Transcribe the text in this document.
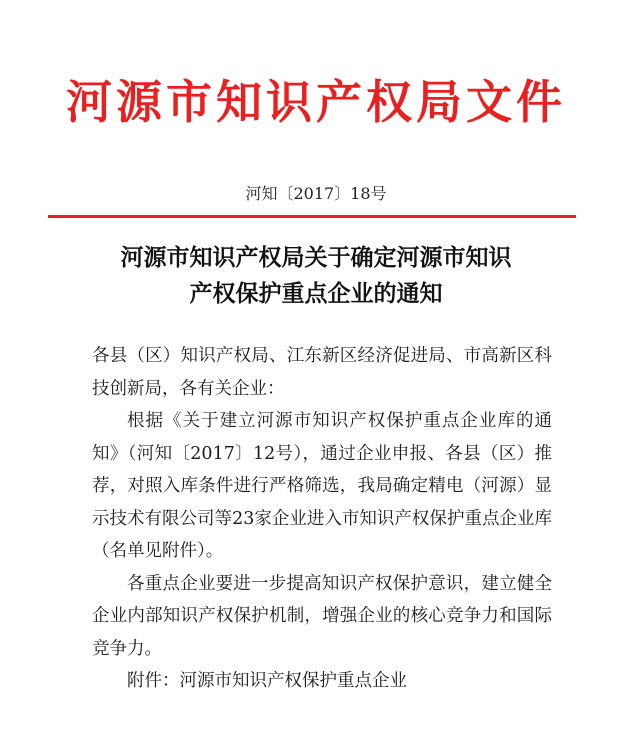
河源市知识产权局文件
河知〔2017〕18号
河源市知识产权局关于确定河源市知识
产权保护重点企业的通知

各县（区）知识产权局、江东新区经济促进局、市高新区科技创新局，各有关企业：

根据《关于建立河源市知识产权保护重点企业库的通知》（河知〔2017〕12号），通过企业申报、各县（区）推荐，对照入库条件进行严格筛选，我局确定精电（河源）显示技术有限公司等23家企业进入市知识产权保护重点企业库（名单见附件）。

各重点企业要进一步提高知识产权保护意识，建立健全企业内部知识产权保护机制，增强企业的核心竞争力和国际竞争力。

附件：河源市知识产权保护重点企业
